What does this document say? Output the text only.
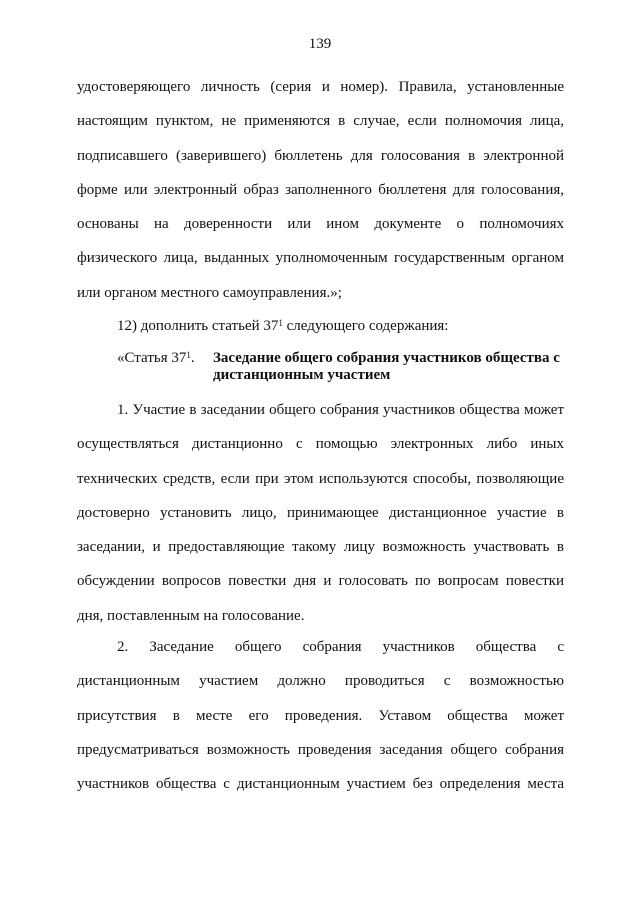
139

удостоверяющего личность (серия и номер). Правила, установленные настоящим пунктом, не применяются в случае, если полномочия лица, подписавшего (заверившего) бюллетень для голосования в электронной форме или электронный образ заполненного бюллетеня для голосования, основаны на доверенности или ином документе о полномочиях физического лица, выданных уполномоченным государственным органом или органом местного самоуправления.»;

12) дополнить статьей $37^1$ следующего содержания:

«Статья $37^1$. Заседание общего собрания участников общества с дистанционным участием

1. Участие в заседании общего собрания участников общества может осуществляться дистанционно с помощью электронных либо иных технических средств, если при этом используются способы, позволяющие достоверно установить лицо, принимающее дистанционное участие в заседании, и предоставляющие такому лицу возможность участвовать в обсуждении вопросов повестки дня и голосовать по вопросам повестки дня, поставленным на голосование.

2. Заседание общего собрания участников общества с дистанционным участием должно проводиться с возможностью присутствия в месте его проведения. Уставом общества может предусматриваться возможность проведения заседания общего собрания участников общества с дистанционным участием без определения места
